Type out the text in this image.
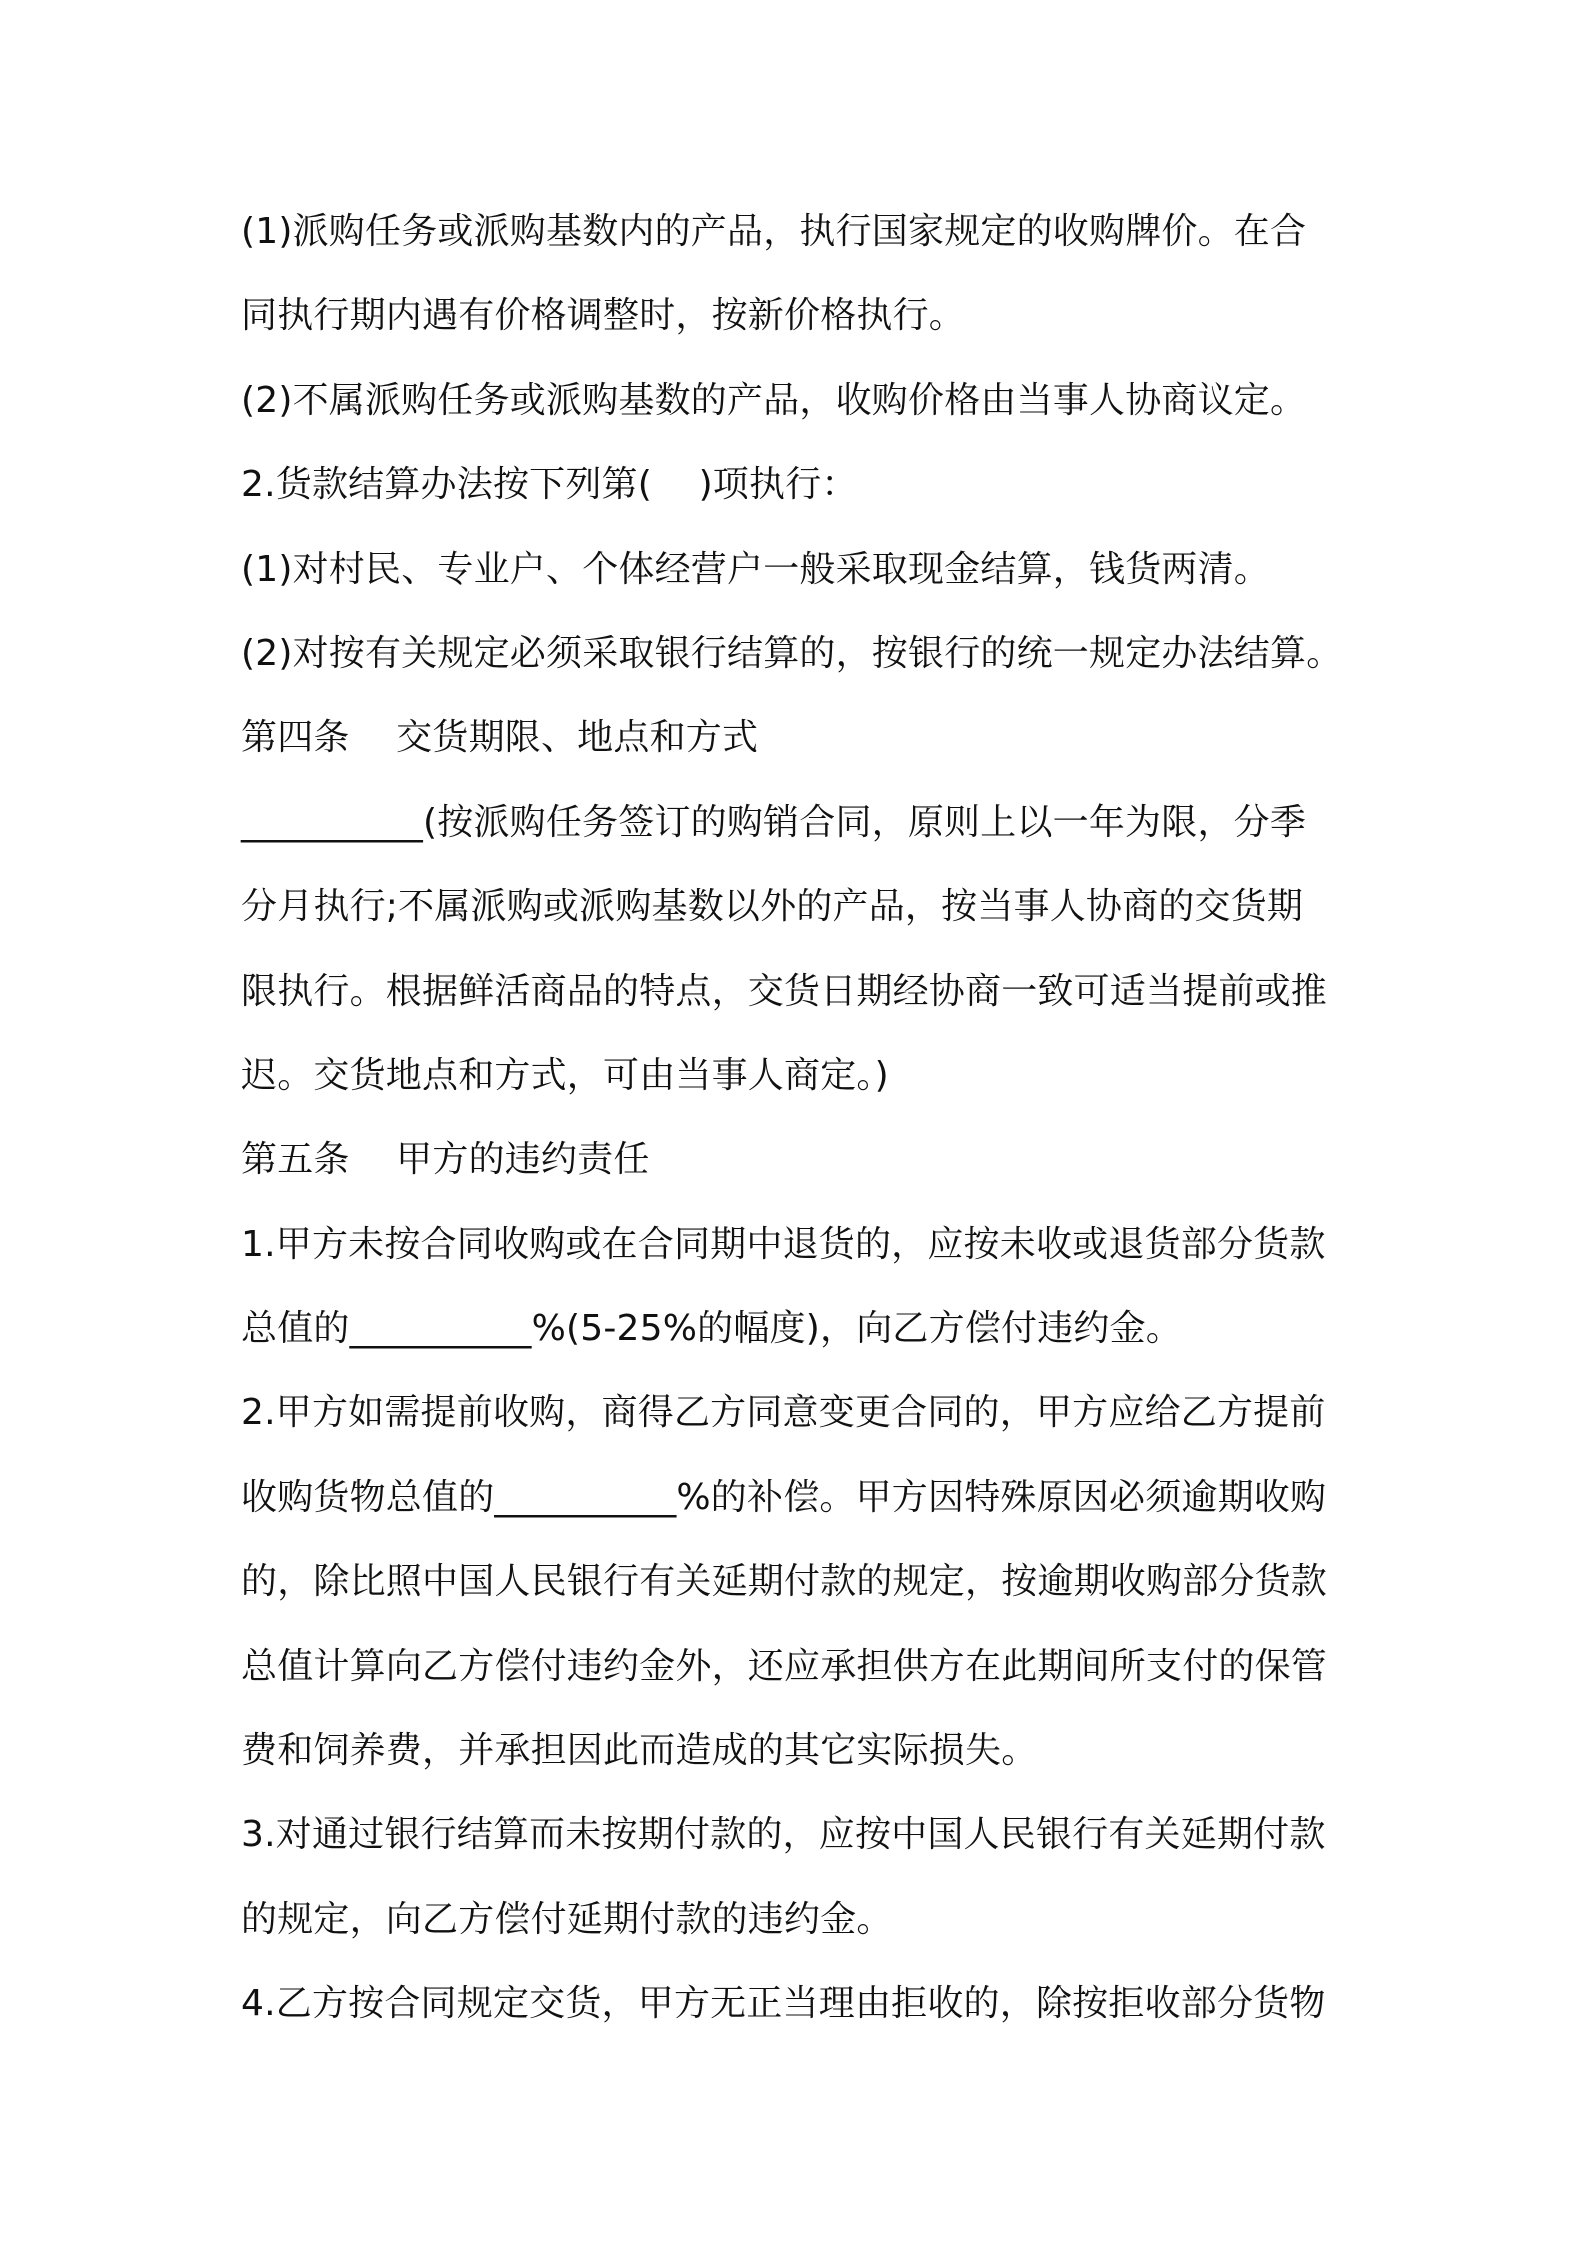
(1)派购任务或派购基数内的产品，执行国家规定的收购牌价。在合
同执行期内遇有价格调整时，按新价格执行。
(2)不属派购任务或派购基数的产品，收购价格由当事人协商议定。
2.货款结算办法按下列第(    )项执行：
(1)对村民、专业户、个体经营户一般采取现金结算，钱货两清。
(2)对按有关规定必须采取银行结算的，按银行的统一规定办法结算。
第四条    交货期限、地点和方式
__________(按派购任务签订的购销合同，原则上以一年为限，分季
分月执行;不属派购或派购基数以外的产品，按当事人协商的交货期
限执行。根据鲜活商品的特点，交货日期经协商一致可适当提前或推
迟。交货地点和方式，可由当事人商定。)
第五条    甲方的违约责任
1.甲方未按合同收购或在合同期中退货的，应按未收或退货部分货款
总值的__________%(5-25%的幅度)，向乙方偿付违约金。
2.甲方如需提前收购，商得乙方同意变更合同的，甲方应给乙方提前
收购货物总值的__________%的补偿。甲方因特殊原因必须逾期收购
的，除比照中国人民银行有关延期付款的规定，按逾期收购部分货款
总值计算向乙方偿付违约金外，还应承担供方在此期间所支付的保管
费和饲养费，并承担因此而造成的其它实际损失。
3.对通过银行结算而未按期付款的，应按中国人民银行有关延期付款
的规定，向乙方偿付延期付款的违约金。
4.乙方按合同规定交货，甲方无正当理由拒收的，除按拒收部分货物
